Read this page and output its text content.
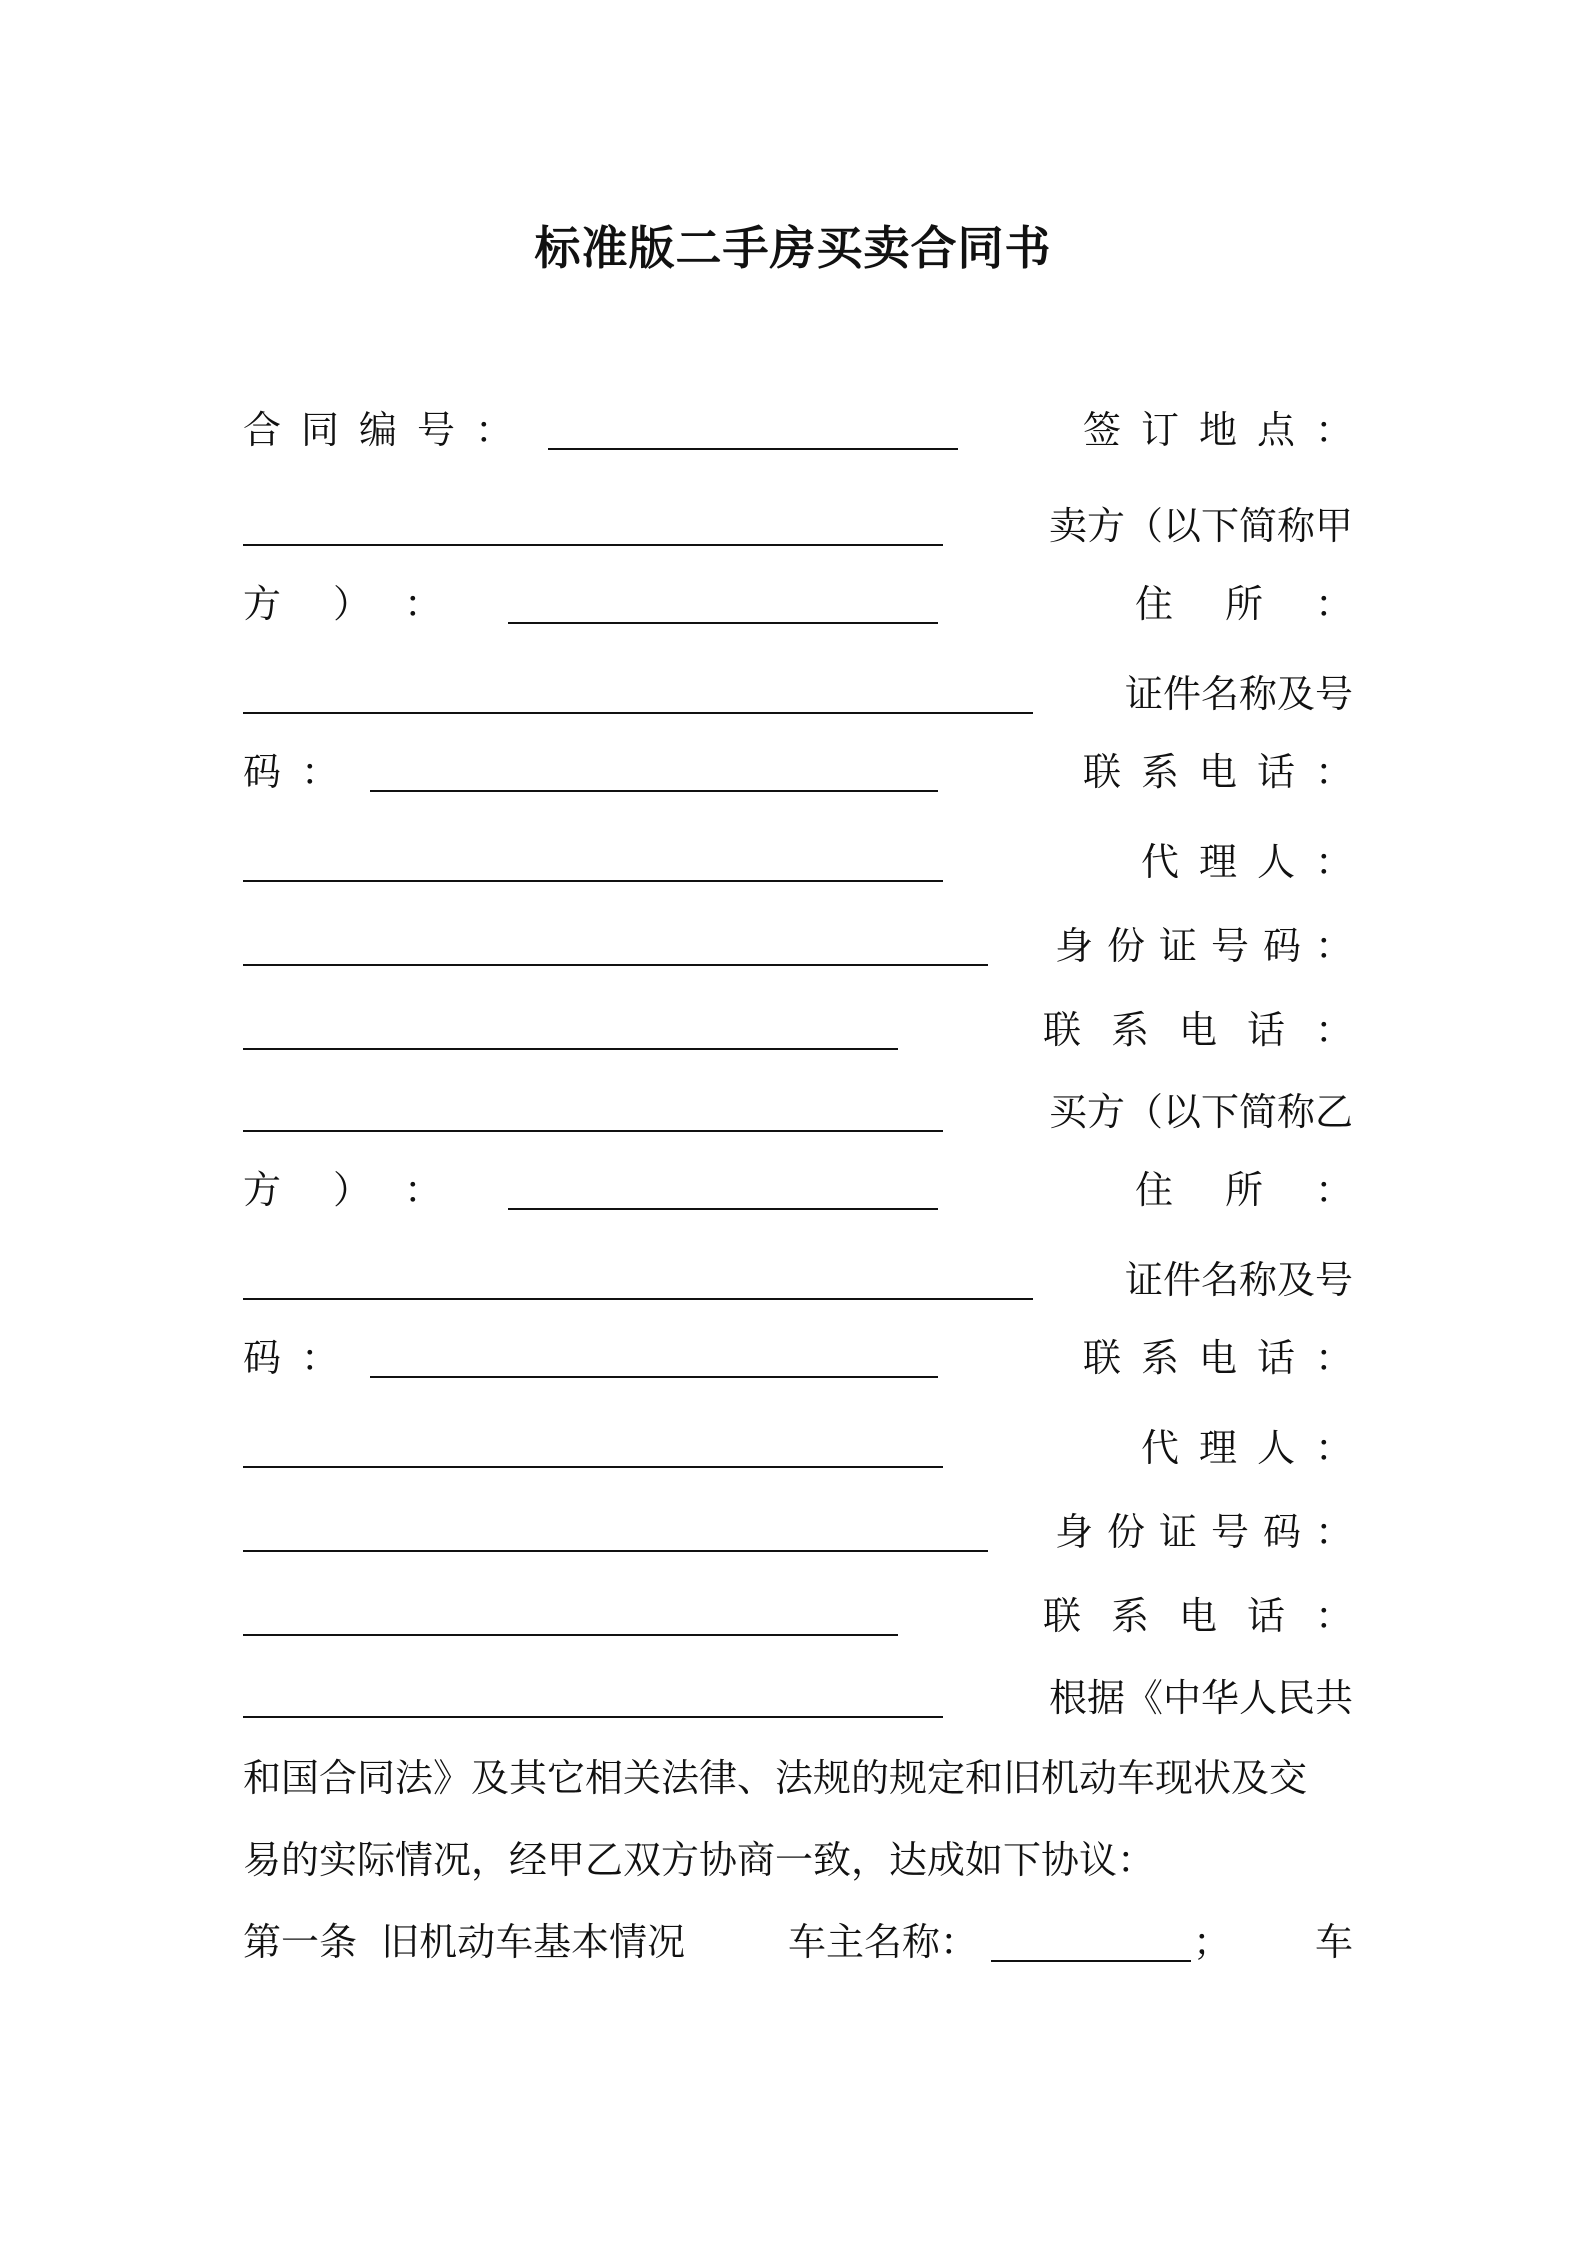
标准版二手房买卖合同书
合同编号：	签订地点：
卖方（以下简称甲
方）：	住所：
证件名称及号
码：	联系电话：
代理人：
身份证号码：
联系电话：
买方（以下简称乙
方）：	住所：
证件名称及号
码：	联系电话：
代理人：
身份证号码：
联系电话：
根据《中华人民共
和国合同法》及其它相关法律、法规的规定和旧机动车现状及交
易的实际情况，经甲乙双方协商一致，达成如下协议：
第一条  旧机动车基本情况	车主名称：	； 车
